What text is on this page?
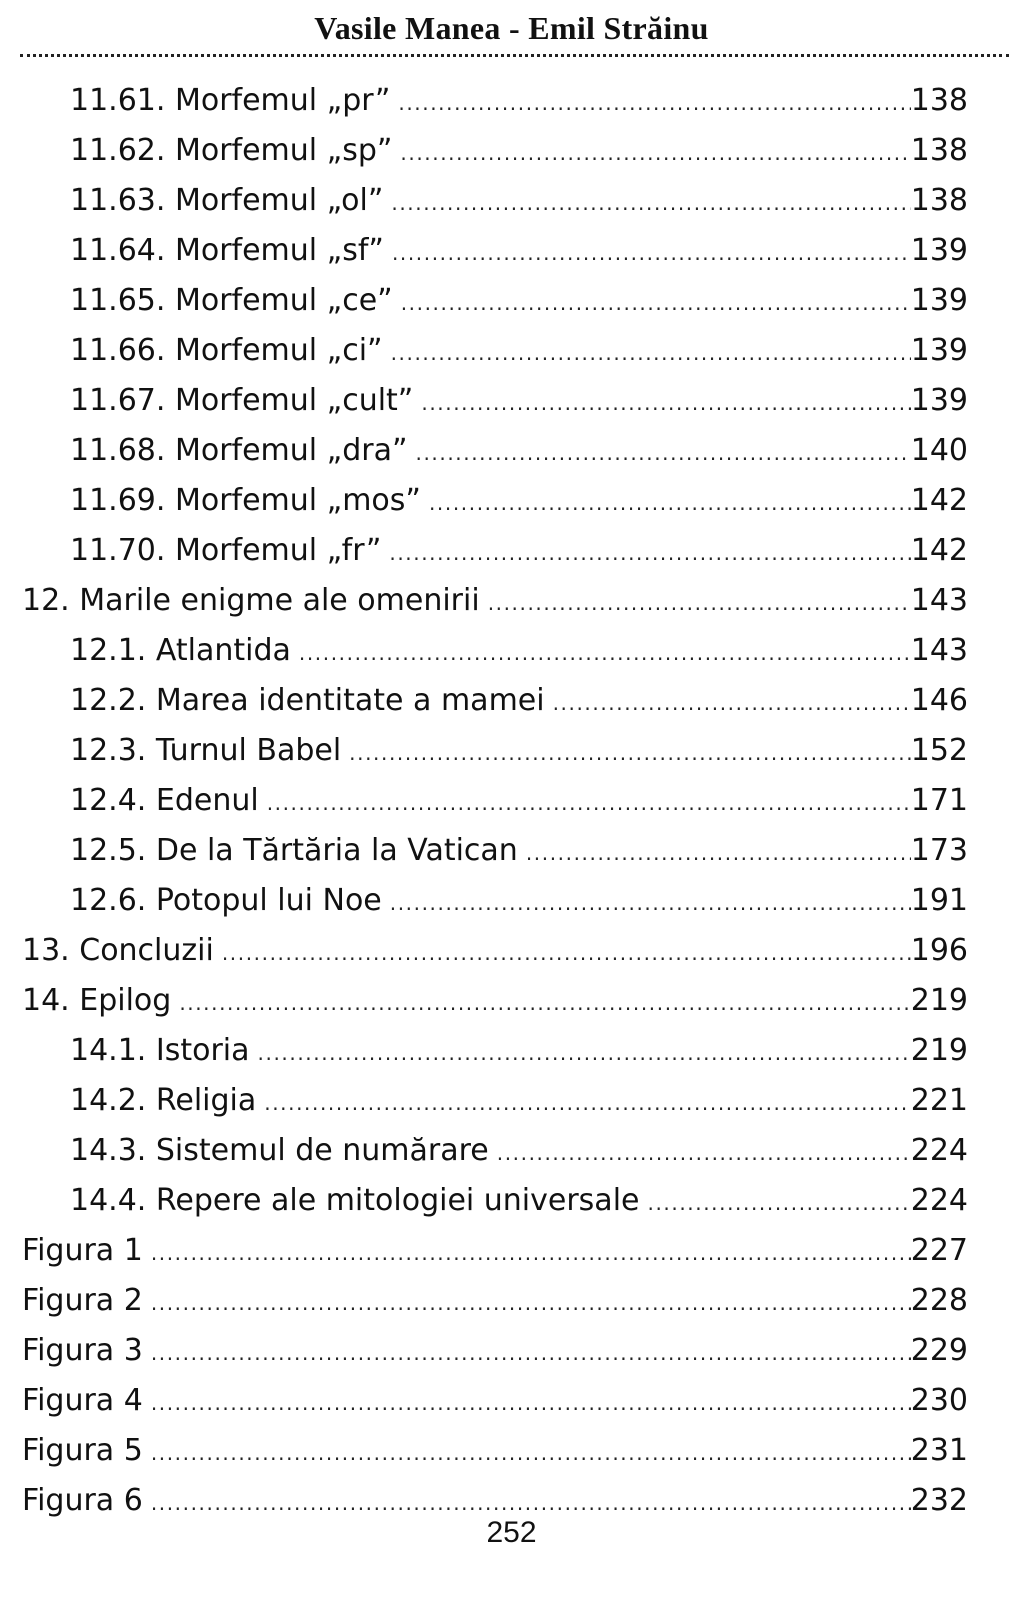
Vasile Manea - Emil Străinu
11.61. Morfemul „pr” .....	138
11.62. Morfemul „sp” .....	138
11.63. Morfemul „ol” .....	138
11.64. Morfemul „sf” .....	139
11.65. Morfemul „ce” .....	139
11.66. Morfemul „ci” .....	139
11.67. Morfemul „cult” .....	139
11.68. Morfemul „dra” .....	140
11.69. Morfemul „mos” .....	142
11.70. Morfemul „fr” .....	142
12. Marile enigme ale omenirii .....	143
12.1. Atlantida .....	143
12.2. Marea identitate a mamei .....	146
12.3. Turnul Babel .....	152
12.4. Edenul .....	171
12.5. De la Tărtăria la Vatican .....	173
12.6. Potopul lui Noe .....	191
13. Concluzii .....	196
14. Epilog .....	219
14.1. Istoria .....	219
14.2. Religia .....	221
14.3. Sistemul de numărare .....	224
14.4. Repere ale mitologiei universale .....	224
Figura 1 .....	227
Figura 2 .....	228
Figura 3 .....	229
Figura 4 .....	230
Figura 5 .....	231
Figura 6 .....	232
252
